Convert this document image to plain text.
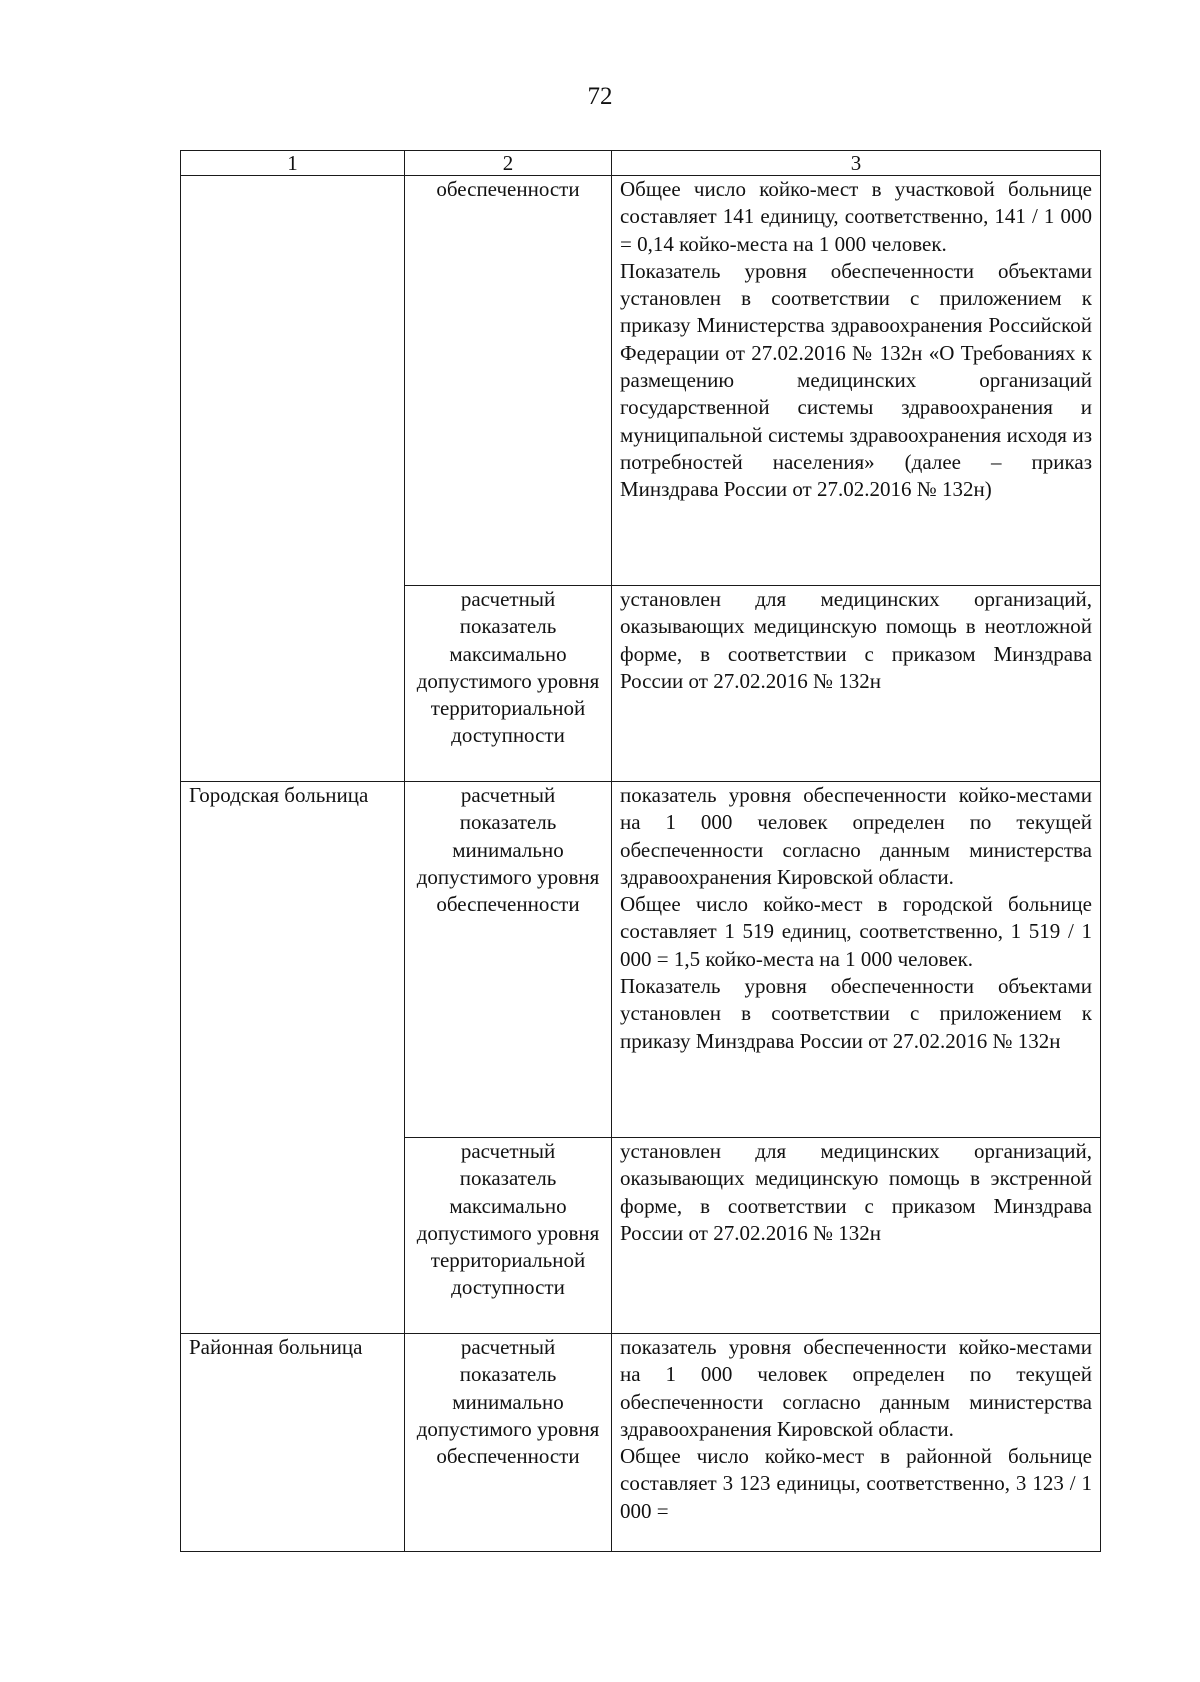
72
1	2	3
	обеспеченности	Общее число койко-мест в участковой больнице составляет 141 единицу, соответственно, 141 / 1 000 = 0,14 койко-места на 1 000 человек.

Показатель уровня обеспеченности объектами установлен в соответствии с приложением к приказу Министерства здравоохранения Российской Федерации от 27.02.2016 № 132н «О Требованиях к размещению медицинских организаций государственной системы здравоохранения и муниципальной системы здравоохранения исходя из потребностей населения» (далее – приказ Минздрава России от 27.02.2016 № 132н)

	расчетный показатель максимально допустимого уровня территориальной доступности	установлен для медицинских организаций, оказывающих медицинскую помощь в неотложной форме, в соответствии с приказом Минздрава России от 27.02.2016 № 132н

Городская больница	расчетный показатель минимально допустимого уровня обеспеченности	показатель уровня обеспеченности койко-местами на 1 000 человек определен по текущей обеспеченности согласно данным министерства здравоохранения Кировской области.

Общее число койко-мест в городской больнице составляет 1 519 единиц, соответственно, 1 519 / 1 000 = 1,5 койко-места на 1 000 человек.

Показатель уровня обеспеченности объектами установлен в соответствии с приложением к приказу Минздрава России от 27.02.2016 № 132н

	расчетный показатель максимально допустимого уровня территориальной доступности	установлен для медицинских организаций, оказывающих медицинскую помощь в экстренной форме, в соответствии с приказом Минздрава России от 27.02.2016 № 132н

Районная больница	расчетный показатель минимально допустимого уровня обеспеченности	показатель уровня обеспеченности койко-местами на 1 000 человек определен по текущей обеспеченности согласно данным министерства здравоохранения Кировской области.

Общее число койко-мест в районной больнице составляет 3 123 единицы, соответственно, 3 123 / 1 000 =
